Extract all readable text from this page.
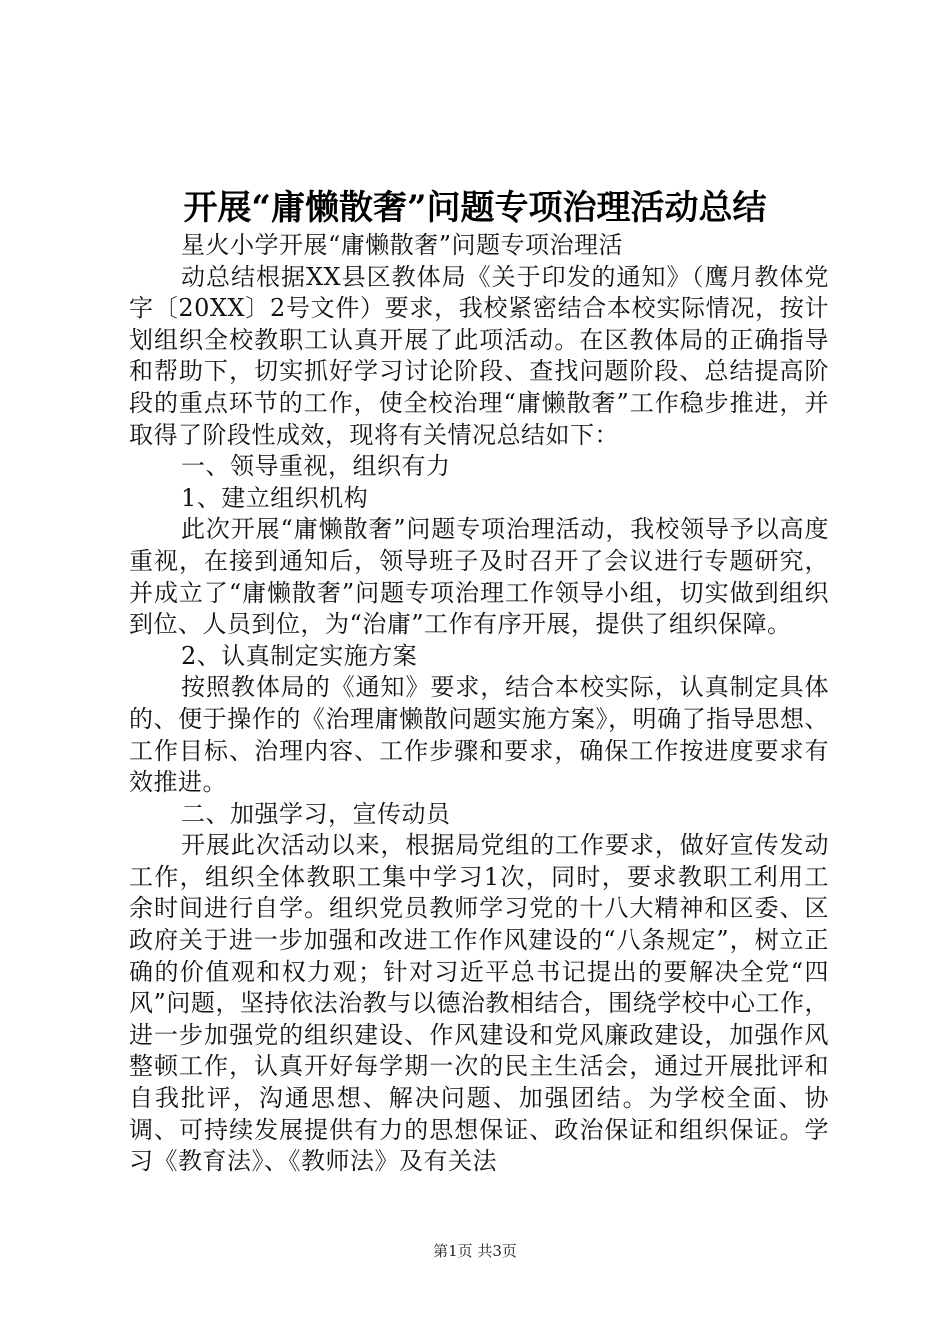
开展“庸懒散奢”问题专项治理活动总结

星火小学开展“庸懒散奢”问题专项治理活

动总结根据XX县区教体局《关于印发的通知》（鹰月教体党字〔20XX〕2号文件）要求，我校紧密结合本校实际情况，按计划组织全校教职工认真开展了此项活动。在区教体局的正确指导和帮助下，切实抓好学习讨论阶段、查找问题阶段、总结提高阶段的重点环节的工作，使全校治理“庸懒散奢”工作稳步推进，并取得了阶段性成效，现将有关情况总结如下：

一、领导重视，组织有力

1、建立组织机构

此次开展“庸懒散奢”问题专项治理活动，我校领导予以高度重视，在接到通知后，领导班子及时召开了会议进行专题研究，并成立了“庸懒散奢”问题专项治理工作领导小组，切实做到组织到位、人员到位，为“治庸”工作有序开展，提供了组织保障。

2、认真制定实施方案

按照教体局的《通知》要求，结合本校实际，认真制定具体的、便于操作的《治理庸懒散问题实施方案》，明确了指导思想、工作目标、治理内容、工作步骤和要求，确保工作按进度要求有效推进。

二、加强学习，宣传动员

开展此次活动以来，根据局党组的工作要求，做好宣传发动工作，组织全体教职工集中学习1次，同时，要求教职工利用工余时间进行自学。组织党员教师学习党的十八大精神和区委、区政府关于进一步加强和改进工作作风建设的“八条规定”，树立正确的价值观和权力观；针对习近平总书记提出的要解决全党“四风”问题，坚持依法治教与以德治教相结合，围绕学校中心工作，进一步加强党的组织建设、作风建设和党风廉政建设，加强作风整顿工作，认真开好每学期一次的民主生活会，通过开展批评和自我批评，沟通思想、解决问题、加强团结。为学校全面、协调、可持续发展提供有力的思想保证、政治保证和组织保证。学习《教育法》、《教师法》及有关法

第1页 共3页
